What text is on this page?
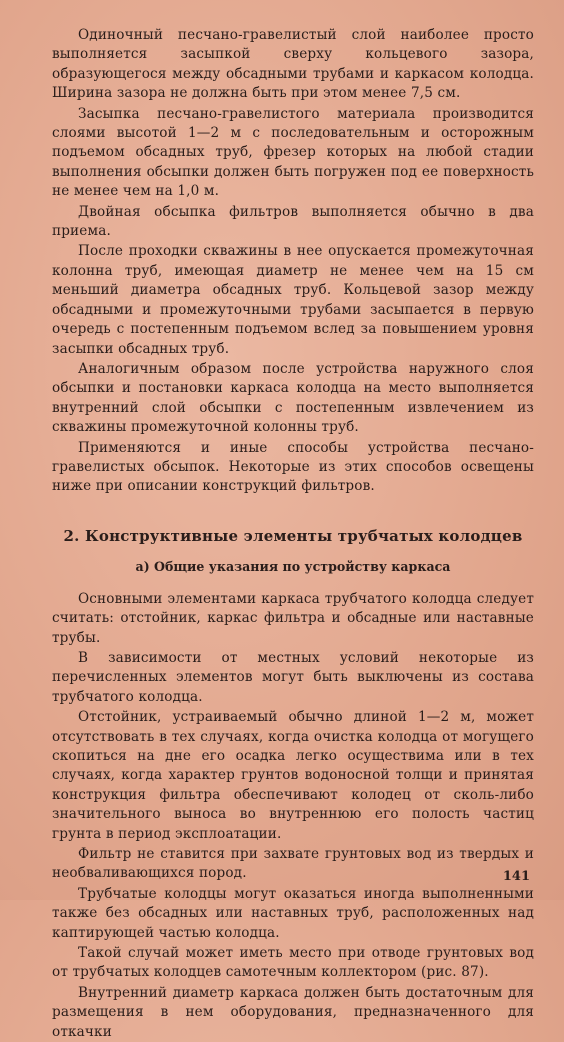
Одиночный песчано-гравелистый слой наиболее просто выполняется засыпкой сверху кольцевого зазора, образующегося между обсадными трубами и каркасом колодца. Ширина зазора не должна быть при этом менее 7,5 см.

Засыпка песчано-гравелистого материала производится слоями высотой 1—2 м с последовательным и осторожным подъемом обсадных труб, фрезер которых на любой стадии выполнения обсыпки должен быть погружен под ее поверхность не менее чем на 1,0 м.

Двойная обсыпка фильтров выполняется обычно в два приема.

После проходки скважины в нее опускается промежуточная колонна труб, имеющая диаметр не менее чем на 15 см меньший диаметра обсадных труб. Кольцевой зазор между обсадными и промежуточными трубами засыпается в первую очередь с постепенным подъемом вслед за повышением уровня засыпки обсадных труб.

Аналогичным образом после устройства наружного слоя обсыпки и постановки каркаса колодца на место выполняется внутренний слой обсыпки с постепенным извлечением из скважины промежуточной колонны труб.

Применяются и иные способы устройства песчано-гравелистых обсыпок. Некоторые из этих способов освещены ниже при описании конструкций фильтров.

2. Конструктивные элементы трубчатых колодцев
а) Общие указания по устройству каркаса

Основными элементами каркаса трубчатого колодца следует считать: отстойник, каркас фильтра и обсадные или наставные трубы.

В зависимости от местных условий некоторые из перечисленных элементов могут быть выключены из состава трубчатого колодца.

Отстойник, устраиваемый обычно длиной 1—2 м, может отсутствовать в тех случаях, когда очистка колодца от могущего скопиться на дне его осадка легко осуществима или в тех случаях, когда характер грунтов водоносной толщи и принятая конструкция фильтра обеспечивают колодец от сколь-либо значительного выноса во внутреннюю его полость частиц грунта в период эксплоатации.

Фильтр не ставится при захвате грунтовых вод из твердых и необваливающихся пород.

Трубчатые колодцы могут оказаться иногда выполненными также без обсадных или наставных труб, расположенных над каптирующей частью колодца.

Такой случай может иметь место при отводе грунтовых вод от трубчатых колодцев самотечным коллектором (рис. 87).

Внутренний диаметр каркаса должен быть достаточным для размещения в нем оборудования, предназначенного для откачки

141
